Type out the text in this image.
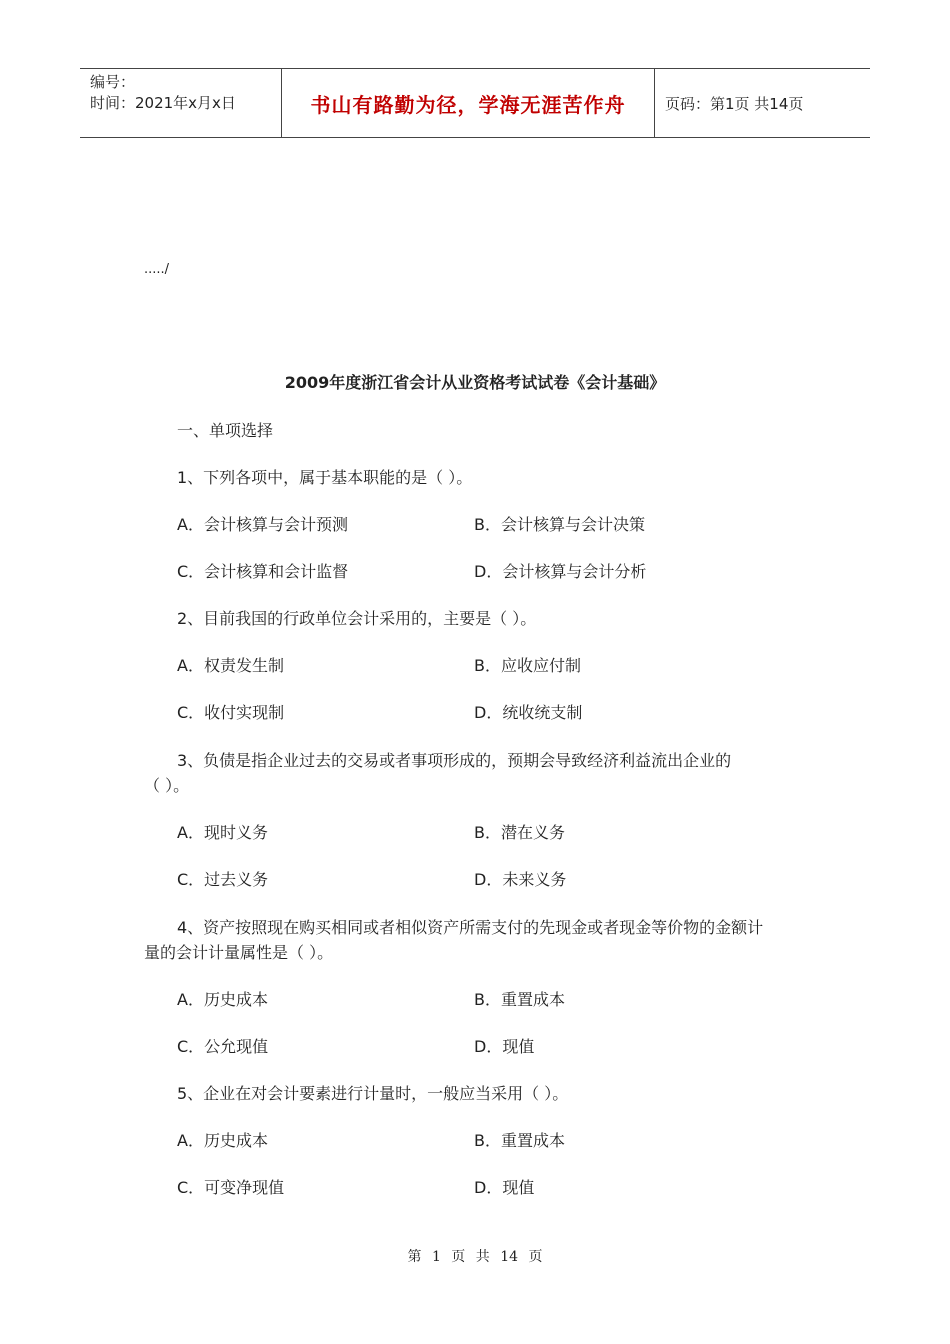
编号：
时间：2021年x月x日	书山有路勤为径，学海无涯苦作舟	页码：第1页 共14页
...../
2009年度浙江省会计从业资格考试试卷《会计基础》
一、单项选择
1、下列各项中，属于基本职能的是（ ）。
A．会计核算与会计预测	B．会计核算与会计决策
C．会计核算和会计监督	D．会计核算与会计分析
2、目前我国的行政单位会计采用的，主要是（ ）。
A．权责发生制	B．应收应付制
C．收付实现制	D．统收统支制
3、负债是指企业过去的交易或者事项形成的，预期会导致经济利益流出企业的
（ ）。
A．现时义务	B．潜在义务
C．过去义务	D．未来义务
4、资产按照现在购买相同或者相似资产所需支付的先现金或者现金等价物的金额计
量的会计计量属性是（ ）。
A．历史成本	B．重置成本
C．公允现值	D．现值
5、企业在对会计要素进行计量时，一般应当采用（ ）。
A．历史成本	B．重置成本
C．可变净现值	D．现值
第 1 页 共 14 页
